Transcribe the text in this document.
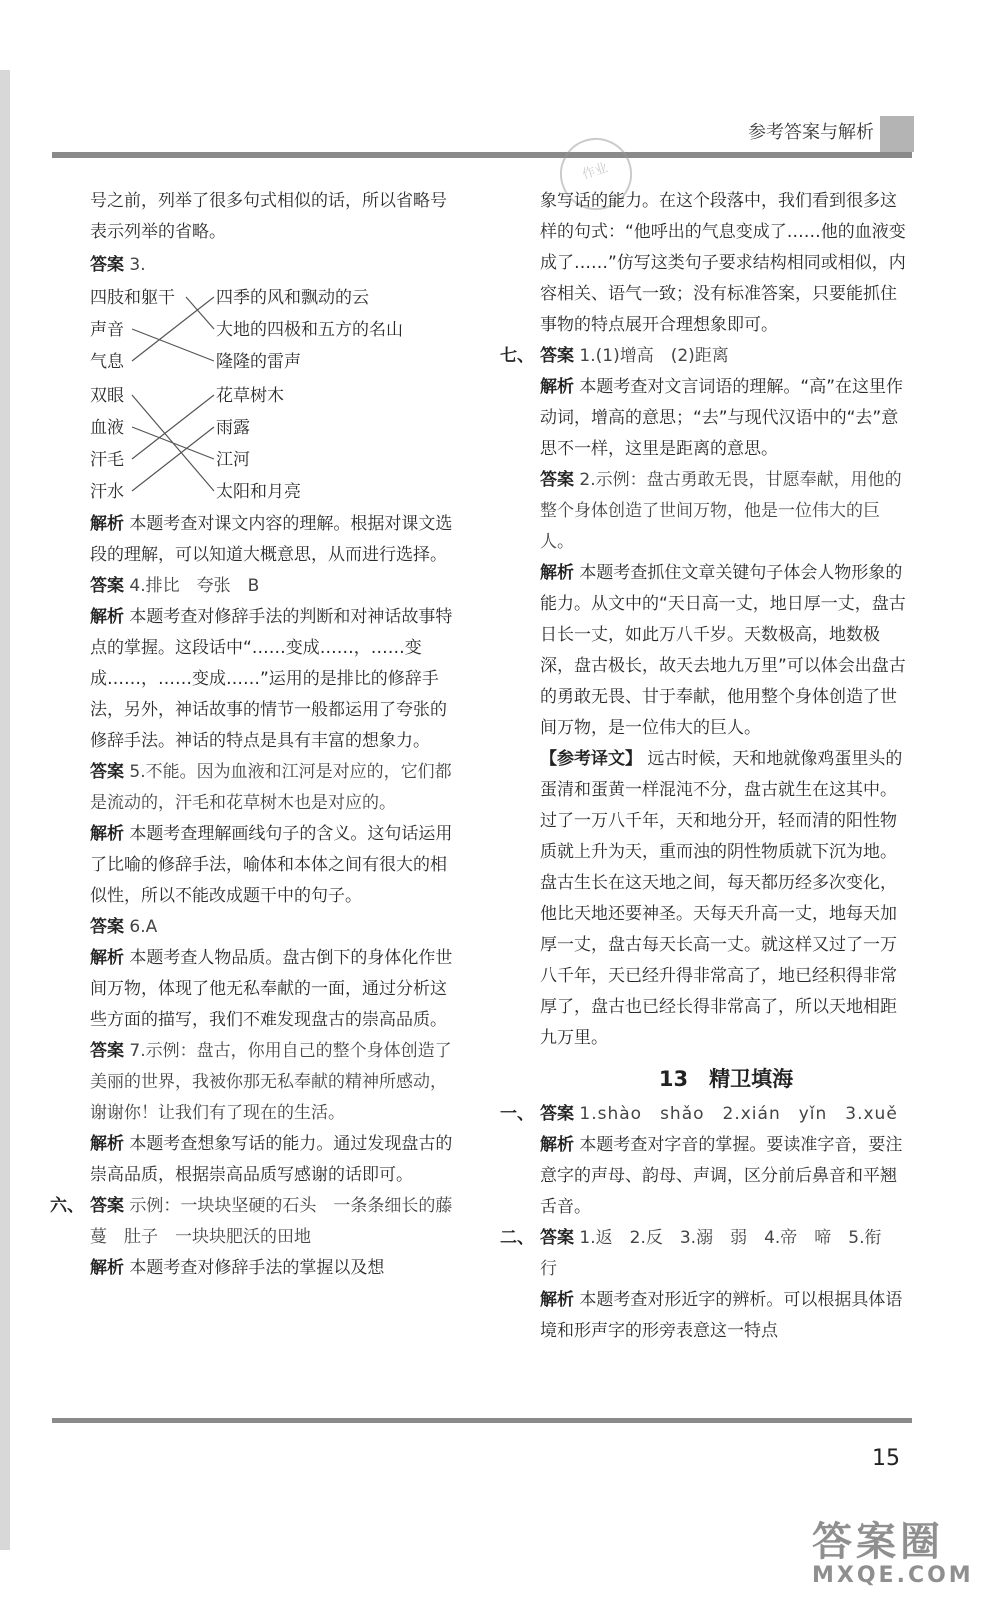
参考答案与解析
作业

号之前，列举了很多句式相似的话，所以省略号表示列举的省略。

答案 3.

四肢和躯干
声音
气息
双眼
血液
汗毛
汗水
四季的风和飘动的云
大地的四极和五方的名山
隆隆的雷声
花草树木
雨露
江河
太阳和月亮

解析 本题考查对课文内容的理解。根据对课文选段的理解，可以知道大概意思，从而进行选择。

答案 4.排比　夸张　B

解析 本题考查对修辞手法的判断和对神话故事特点的掌握。这段话中“……变成……，……变成……，……变成……”运用的是排比的修辞手法，另外，神话故事的情节一般都运用了夸张的修辞手法。神话的特点是具有丰富的想象力。

答案 5.不能。因为血液和江河是对应的，它们都是流动的，汗毛和花草树木也是对应的。

解析 本题考查理解画线句子的含义。这句话运用了比喻的修辞手法，喻体和本体之间有很大的相似性，所以不能改成题干中的句子。

答案 6.A

解析 本题考查人物品质。盘古倒下的身体化作世间万物，体现了他无私奉献的一面，通过分析这些方面的描写，我们不难发现盘古的崇高品质。

答案 7.示例：盘古，你用自己的整个身体创造了美丽的世界，我被你那无私奉献的精神所感动，谢谢你！让我们有了现在的生活。

解析 本题考查想象写话的能力。通过发现盘古的崇高品质，根据崇高品质写感谢的话即可。

六、 答案 示例：一块块坚硬的石头　一条条细长的藤蔓　肚子　一块块肥沃的田地

解析 本题考查对修辞手法的掌握以及想

象写话的能力。在这个段落中，我们看到很多这样的句式：“他呼出的气息变成了……他的血液变成了……”仿写这类句子要求结构相同或相似，内容相关、语气一致；没有标准答案，只要能抓住事物的特点展开合理想象即可。

七、 答案 1.(1)增高　(2)距离

解析 本题考查对文言词语的理解。“高”在这里作动词，增高的意思；“去”与现代汉语中的“去”意思不一样，这里是距离的意思。

答案 2.示例：盘古勇敢无畏，甘愿奉献，用他的整个身体创造了世间万物，他是一位伟大的巨人。

解析 本题考查抓住文章关键句子体会人物形象的能力。从文中的“天日高一丈，地日厚一丈，盘古日长一丈，如此万八千岁。天数极高，地数极深，盘古极长，故天去地九万里”可以体会出盘古的勇敢无畏、甘于奉献，他用整个身体创造了世间万物，是一位伟大的巨人。

【参考译文】 远古时候，天和地就像鸡蛋里头的蛋清和蛋黄一样混沌不分，盘古就生在这其中。过了一万八千年，天和地分开，轻而清的阳性物质就上升为天，重而浊的阴性物质就下沉为地。盘古生长在这天地之间，每天都历经多次变化，他比天地还要神圣。天每天升高一丈，地每天加厚一丈，盘古每天长高一丈。就这样又过了一万八千年，天已经升得非常高了，地已经积得非常厚了，盘古也已经长得非常高了，所以天地相距九万里。

13　精卫填海

一、 答案 1.shào　shǎo　2.xián　yǐn　3.xuě

解析 本题考查对字音的掌握。要读准字音，要注意字的声母、韵母、声调，区分前后鼻音和平翘舌音。

二、 答案 1.返　2.反　3.溺　弱　4.帝　啼　5.衔　行

解析 本题考查对形近字的辨析。可以根据具体语境和形声字的形旁表意这一特点

15
答案圈
MXQE.COM
